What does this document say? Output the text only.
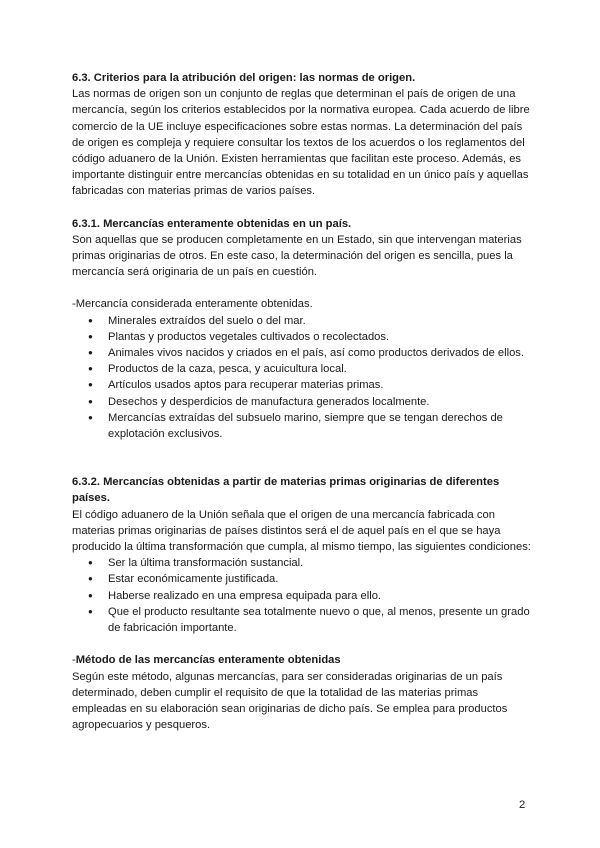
6.3. Criterios para la atribución del origen: las normas de origen.

Las normas de origen son un conjunto de reglas que determinan el país de origen de una

mercancía, según los criterios establecidos por la normativa europea. Cada acuerdo de libre

comercio de la UE incluye especificaciones sobre estas normas. La determinación del país

de origen es compleja y requiere consultar los textos de los acuerdos o los reglamentos del

código aduanero de la Unión. Existen herramientas que facilitan este proceso. Además, es

importante distinguir entre mercancías obtenidas en su totalidad en un único país y aquellas

fabricadas con materias primas de varios países.

6.3.1. Mercancías enteramente obtenidas en un país.

Son aquellas que se producen completamente en un Estado, sin que intervengan materias

primas originarias de otros. En este caso, la determinación del origen es sencilla, pues la

mercancía será originaria de un país en cuestión.

-Mercancía considerada enteramente obtenidas.

● Minerales extraídos del suelo o del mar.
● Plantas y productos vegetales cultivados o recolectados.
● Animales vivos nacidos y criados en el país, así como productos derivados de ellos.
● Productos de la caza, pesca, y acuicultura local.
● Artículos usados aptos para recuperar materias primas.
● Desechos y desperdicios de manufactura generados localmente.
● Mercancías extraídas del subsuelo marino, siempre que se tengan derechos de explotación exclusivos.
6.3.2. Mercancías obtenidas a partir de materias primas originarias de diferentes países.

El código aduanero de la Unión señala que el origen de una mercancía fabricada con

materias primas originarias de países distintos será el de aquel país en el que se haya

producido la última transformación que cumpla, al mismo tiempo, las siguientes condiciones:

● Ser la última transformación sustancial.
● Estar económicamente justificada.
● Haberse realizado en una empresa equipada para ello.
● Que el producto resultante sea totalmente nuevo o que, al menos, presente un grado de fabricación importante.

-Método de las mercancías enteramente obtenidas

Según este método, algunas mercancías, para ser consideradas originarias de un país

determinado, deben cumplir el requisito de que la totalidad de las materias primas

empleadas en su elaboración sean originarias de dicho país. Se emplea para productos

agropecuarios y pesqueros.

2
